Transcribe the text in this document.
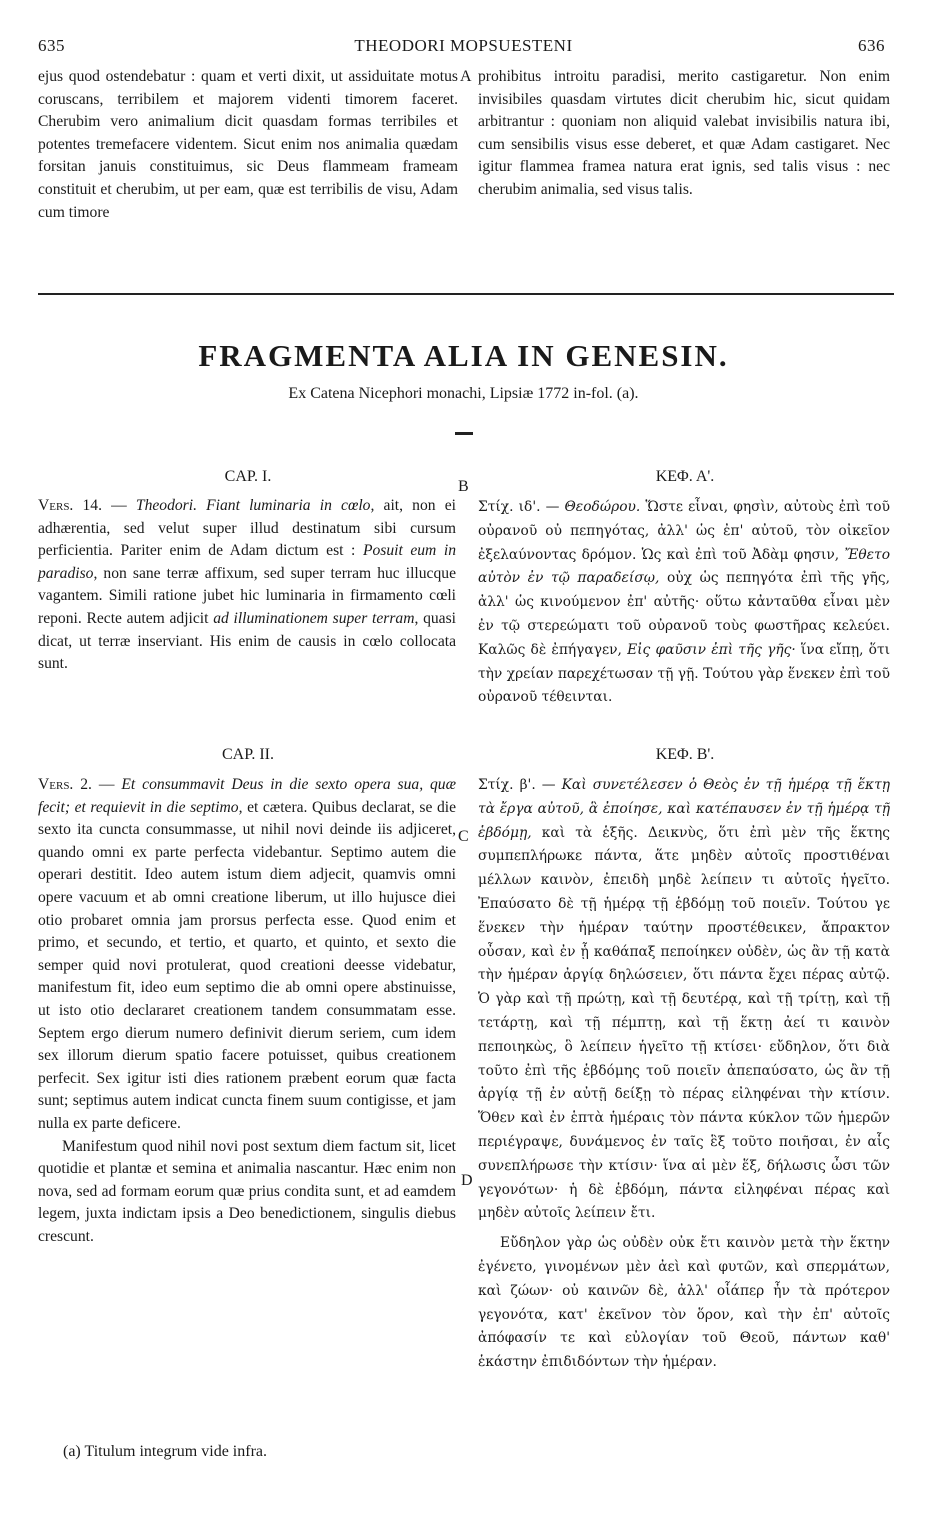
635	THEODORI MOPSUESTENI	636

ejus quod ostendebatur : quam et verti dixit, ut assiduitate motus coruscans, terribilem et majorem videnti timorem faceret. Cherubim vero animalium dicit quasdam formas terribiles et potentes tremefacere videntem. Sicut enim nos animalia quædam forsitan januis constituimus, sic Deus flammeam frameam constituit et cherubim, ut per eam, quæ est terribilis de visu, Adam cum timore

A prohibitus introitu paradisi, merito castigaretur. Non enim invisibiles quasdam virtutes dicit cherubim hic, sicut quidam arbitrantur : quoniam non aliquid valebat invisibilis natura ibi, cum sensibilis visus esse deberet, et quæ Adam castigaret. Nec igitur flammea framea natura erat ignis, sed talis visus : nec cherubim animalia, sed visus talis.

FRAGMENTA ALIA IN GENESIN.
Ex Catena Nicephori monachi, Lipsiæ 1772 in-fol. (a).
CAP. I.
B
ΚΕΦ. Α'.

Vers. 14. — Theodori. Fiant luminaria in cœlo, ait, non ei adhærentia, sed velut super illud destinatum sibi cursum perficientia. Pariter enim de Adam dictum est : Posuit eum in paradiso, non sane terræ affixum, sed super terram huc illucque vagantem. Simili ratione jubet hic luminaria in firmamento cœli reponi. Recte autem adjicit ad illuminationem super terram, quasi dicat, ut terræ inserviant. His enim de causis in cœlo collocata sunt.

Στίχ. ιδ'. — Θεοδώρου. Ὥστε εἶναι, φησὶν, αὐτοὺς ἐπὶ τοῦ οὐρανοῦ οὐ πεπηγότας, ἀλλ' ὡς ἐπ' αὐτοῦ, τὸν οἰκεῖον ἐξελαύνοντας δρόμον. Ὡς καὶ ἐπὶ τοῦ Ἀδὰμ φησιν, Ἔθετο αὐτὸν ἐν τῷ παραδείσῳ, οὐχ ὡς πεπηγότα ἐπὶ τῆς γῆς, ἀλλ' ὡς κινούμενον ἐπ' αὐτῆς· οὕτω κἀνταῦθα εἶναι μὲν ἐν τῷ στερεώματι τοῦ οὐρανοῦ τοὺς φωστῆρας κελεύει. Καλῶς δὲ ἐπήγαγεν, Εἰς φαῦσιν ἐπὶ τῆς γῆς· ἵνα εἴπῃ, ὅτι τὴν χρείαν παρεχέτωσαν τῇ γῇ. Τούτου γὰρ ἕνεκεν ἐπὶ τοῦ οὐρανοῦ τέθεινται.

CAP. II.	ΚΕΦ. Β'.

Vers. 2. — Et consummavit Deus in die sexto opera sua, quæ fecit; et requievit in die septimo, et cætera. Quibus declarat, se die sexto ita cuncta consummasse, ut nihil novi deinde iis adjiceret, quando omni ex parte perfecta videbantur. Septimo autem die operari destitit. Ideo autem istum diem adjecit, quamvis omni opere vacuum et ab omni creatione liberum, ut illo hujusce diei otio probaret omnia jam prorsus perfecta esse. Quod enim et primo, et secundo, et tertio, et quarto, et quinto, et sexto die semper quid novi protulerat, quod creationi deesse videbatur, manifestum fit, ideo eum septimo die ab omni opere abstinuisse, ut isto otio declararet creationem tandem consummatam esse. Septem ergo dierum numero definivit dierum seriem, cum idem sex illorum dierum spatio facere potuisset, quibus creationem perfecit. Sex igitur isti dies rationem præbent eorum quæ facta sunt; septimus autem indicat cuncta finem suum contigisse, et jam nulla ex parte deficere.

Manifestum quod nihil novi post sextum diem factum sit, licet quotidie et plantæ et semina et animalia nascantur. Hæc enim non nova, sed ad formam eorum quæ prius condita sunt, et ad eamdem legem, juxta indictam ipsis a Deo benedictionem, singulis diebus crescunt.

C
D

Στίχ. β'. — Καὶ συνετέλεσεν ὁ Θεὸς ἐν τῇ ἡμέρᾳ τῇ ἕκτῃ τὰ ἔργα αὐτοῦ, ἃ ἐποίησε, καὶ κατέπαυσεν ἐν τῇ ἡμέρᾳ τῇ ἑβδόμῃ, καὶ τὰ ἑξῆς. Δεικνὺς, ὅτι ἐπὶ μὲν τῆς ἕκτης συμπεπλήρωκε πάντα, ἅτε μηδὲν αὐτοῖς προστιθέναι μέλλων καινὸν, ἐπειδὴ μηδὲ λείπειν τι αὐτοῖς ἡγεῖτο. Ἐπαύσατο δὲ τῇ ἡμέρᾳ τῇ ἑβδόμῃ τοῦ ποιεῖν. Τούτου γε ἕνεκεν τὴν ἡμέραν ταύτην προστέθεικεν, ἄπρακτον οὖσαν, καὶ ἐν ᾗ καθάπαξ πεποίηκεν οὐδὲν, ὡς ἂν τῇ κατὰ τὴν ἡμέραν ἀργίᾳ δηλώσειεν, ὅτι πάντα ἔχει πέρας αὐτῷ. Ὁ γὰρ καὶ τῇ πρώτῃ, καὶ τῇ δευτέρᾳ, καὶ τῇ τρίτῃ, καὶ τῇ τετάρτῃ, καὶ τῇ πέμπτῃ, καὶ τῇ ἕκτῃ ἀεί τι καινὸν πεποιηκὼς, ὃ λείπειν ἡγεῖτο τῇ κτίσει· εὔδηλον, ὅτι διὰ τοῦτο ἐπὶ τῆς ἑβδόμης τοῦ ποιεῖν ἀπεπαύσατο, ὡς ἂν τῇ ἀργίᾳ τῇ ἐν αὐτῇ δείξῃ τὸ πέρας εἰληφέναι τὴν κτίσιν. Ὅθεν καὶ ἐν ἑπτὰ ἡμέραις τὸν πάντα κύκλον τῶν ἡμερῶν περιέγραψε, δυνάμενος ἐν ταῖς ἓξ τοῦτο ποιῆσαι, ἐν αἷς συνεπλήρωσε τὴν κτίσιν· ἵνα αἱ μὲν ἕξ, δήλωσις ὦσι τῶν γεγονότων· ἡ δὲ ἑβδόμη, πάντα εἰληφέναι πέρας καὶ μηδὲν αὐτοῖς λείπειν ἔτι.

Εὔδηλον γὰρ ὡς οὐδὲν οὐκ ἔτι καινὸν μετὰ τὴν ἕκτην ἐγένετο, γινομένων μὲν ἀεὶ καὶ φυτῶν, καὶ σπερμάτων, καὶ ζώων· οὐ καινῶν δὲ, ἀλλ' οἷάπερ ἦν τὰ πρότερον γεγονότα, κατ' ἐκεῖνον τὸν ὅρον, καὶ τὴν ἐπ' αὐτοῖς ἀπόφασίν τε καὶ εὐλογίαν τοῦ Θεοῦ, πάντων καθ' ἑκάστην ἐπιδιδόντων τὴν ἡμέραν.

(a) Titulum integrum vide infra.
